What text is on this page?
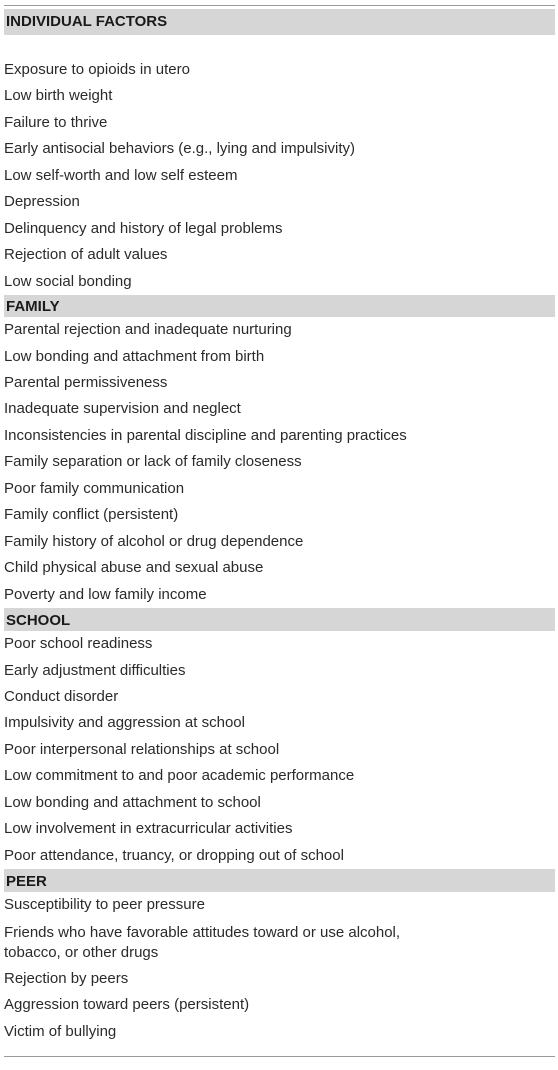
INDIVIDUAL FACTORS
Exposure to opioids in utero
Low birth weight
Failure to thrive
Early antisocial behaviors (e.g., lying and impulsivity)
Low self-worth and low self esteem
Depression
Delinquency and history of legal problems
Rejection of adult values
Low social bonding
FAMILY
Parental rejection and inadequate nurturing
Low bonding and attachment from birth
Parental permissiveness
Inadequate supervision and neglect
Inconsistencies in parental discipline and parenting practices
Family separation or lack of family closeness
Poor family communication
Family conflict (persistent)
Family history of alcohol or drug dependence
Child physical abuse and sexual abuse
Poverty and low family income
SCHOOL
Poor school readiness
Early adjustment difficulties
Conduct disorder
Impulsivity and aggression at school
Poor interpersonal relationships at school
Low commitment to and poor academic performance
Low bonding and attachment to school
Low involvement in extracurricular activities
Poor attendance, truancy, or dropping out of school
PEER
Susceptibility to peer pressure
Friends who have favorable attitudes toward or use alcohol,
tobacco, or other drugs
Rejection by peers
Aggression toward peers (persistent)
Victim of bullying
